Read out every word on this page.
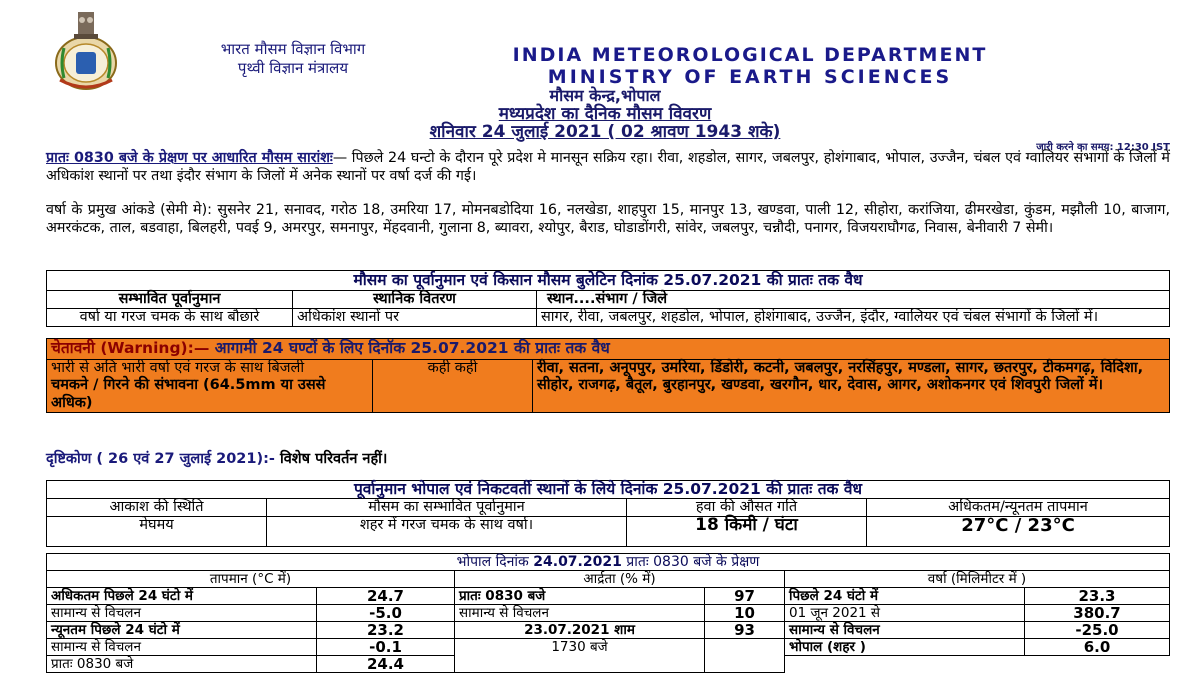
भारत मौसम विज्ञान विभाग
पृथ्वी विज्ञान मंत्रालय
INDIA METEOROLOGICAL DEPARTMENT
MINISTRY OF EARTH SCIENCES
मौसम केन्द्र,भोपाल
मध्यप्रदेश का दैनिक मौसम विवरण
शनिवार 24 जुलाई 2021 ( 02 श्रावण 1943 शके)
जारी करने का समय: 12:30 IST
प्रातः 0830 बजे के प्रेक्षण पर आधारित मौसम सारांशः— पिछले 24 घन्टो के दौरान पूरे प्रदेश मे मानसून सक्रिय रहा। रीवा, शहडोल, सागर, जबलपुर, होशंगाबाद, भोपाल, उज्जैन, चंबल एवं ग्वालियर संभागों के जिलों में अधिकांश स्थानों पर तथा इंदौर संभाग के जिलों में अनेक स्थानों पर वर्षा दर्ज की गई।
वर्षा के प्रमुख आंकडे (सेमी मे): सुसनेर 21, सनावद, गरोठ 18, उमरिया 17, मोमनबडोदिया 16, नलखेडा, शाहपुरा 15, मानपुर 13, खण्डवा, पाली 12, सीहोरा, करांजिया, ढीमरखेडा, कुंडम, मझौली 10, बाजाग, अमरकंटक, ताल, बडवाहा, बिलहरी, पवई 9, अमरपुर, समनापुर, मेंहदवानी, गुलाना 8, ब्यावरा, श्योपुर, बैराड, घोडाडोंगरी, सांवेर, जबलपुर, चन्नौदी, पनागर, विजयराघौगढ, निवास, बेनीवारी 7 सेमी।
मौसम का पूर्वानुमान एवं किसान मौसम बुलेटिन दिनांक 25.07.2021 की प्रातः तक वैध		
सम्भावित पूर्वानुमान	स्थानिक वितरण	स्थान....संभाग / जिले
वर्षा या गरज चमक के साथ बौछारे	अधिकांश स्थानों पर	सागर, रीवा, जबलपुर, शहडोल, भोपाल, होशंगाबाद, उज्जैन, इंदौर, ग्वालियर एवं चंबल संभागों के जिलों में।
चेतावनी (Warning):— आगामी 24 घण्टों के लिए दिनॉक 25.07.2021 की प्रातः तक वैध

भारी से अति भारी वर्षा एवं गरज के साथ बिजली
चमकने / गिरने की संभावना (64.5mm या उससे अधिक)
	कही कही	रीवा, सतना, अनूपपुर, उमरिया, डिंडोरी, कटनी, जबलपुर, नरसिंहपुर, मण्डला, सागर, छतरपुर, टीकमगढ़, विदिशा, सीहोर, राजगढ़, बैतूल, बुरहानपुर, खण्डवा, खरगौन, धार, देवास, आगर, अशोकनगर एवं शिवपुरी जिलों में।
दृष्टिकोण ( 26 एवं 27 जुलाई 2021):- विशेष परिवर्तन नहीं।
पूर्वानुमान भोपाल एवं निकटवर्ती स्थानों के लिये दिनांक 25.07.2021 की प्रातः तक वैध			
आकाश की स्थिति	मौसम का सम्भावित पूर्वानुमान	हवा की औसत गति	अधिकतम/न्यूनतम तापमान
मेघमय	शहर में गरज चमक के साथ वर्षा।	18 किमी / घंटा	27°C / 23°C
भोपाल दिनांक 24.07.2021 प्रातः 0830 बजे के प्रेक्षण					
तापमान (°C में)		आर्द्रता (% में)		वर्षा (मिलिमीटर में )	
अधिकतम पिछले 24 घंटो में	24.7	प्रातः 0830 बजे	97	पिछले 24 घंटो में	23.3
सामान्य से विचलन	-5.0	सामान्य से विचलन	10	01 जून 2021 से	380.7
न्यूनतम पिछले 24 घंटो में	23.2	23.07.2021 शाम	93	सामान्य से विचलन	-25.0
सामान्य से विचलन	-0.1	1730 बजे		भोपाल (शहर )	6.0
प्रातः 0830 बजे	24.4				
